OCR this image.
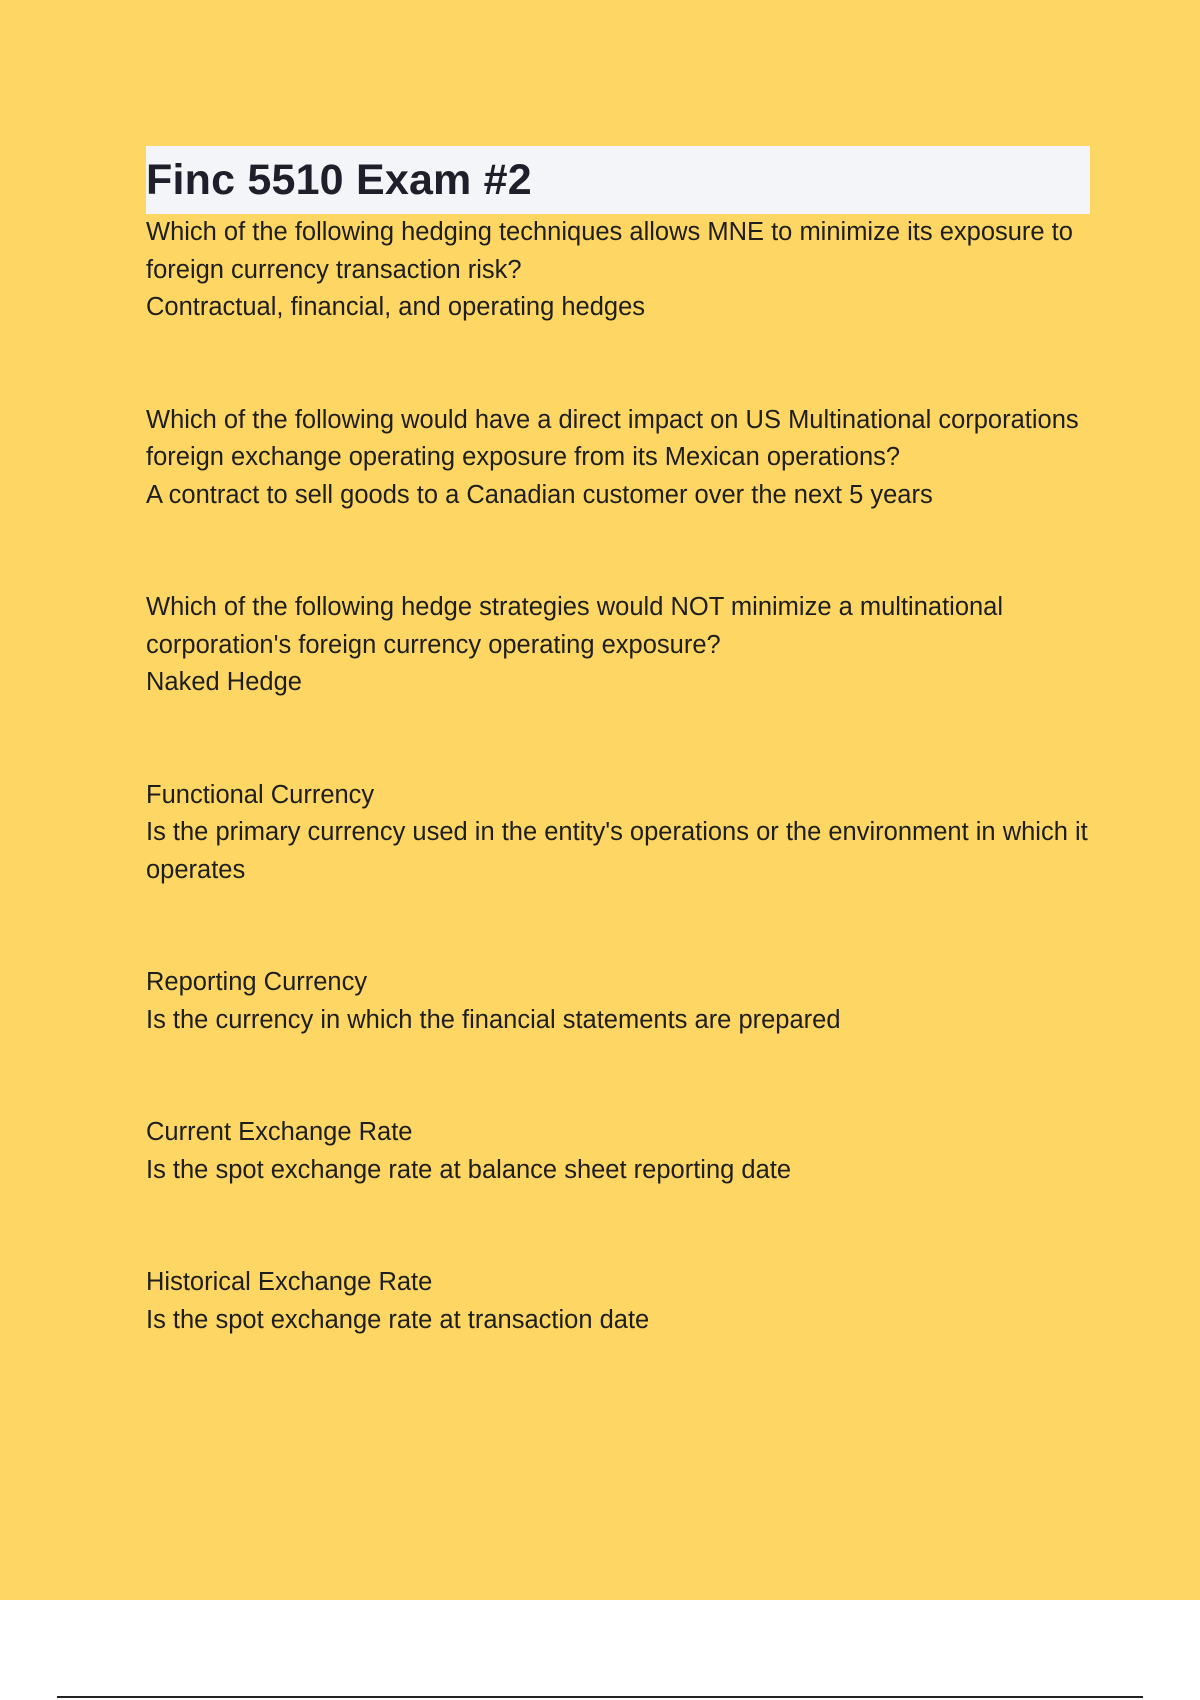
Finc 5510 Exam #2
Which of the following hedging techniques allows MNE to minimize its exposure to foreign currency transaction risk?
Contractual, financial, and operating hedges
Which of the following would have a direct impact on US Multinational corporations foreign exchange operating exposure from its Mexican operations?
A contract to sell goods to a Canadian customer over the next 5 years
Which of the following hedge strategies would NOT minimize a multinational corporation's foreign currency operating exposure?
Naked Hedge
Functional Currency
Is the primary currency used in the entity's operations or the environment in which it operates
Reporting Currency
Is the currency in which the financial statements are prepared
Current Exchange Rate
Is the spot exchange rate at balance sheet reporting date
Historical Exchange Rate
Is the spot exchange rate at transaction date
